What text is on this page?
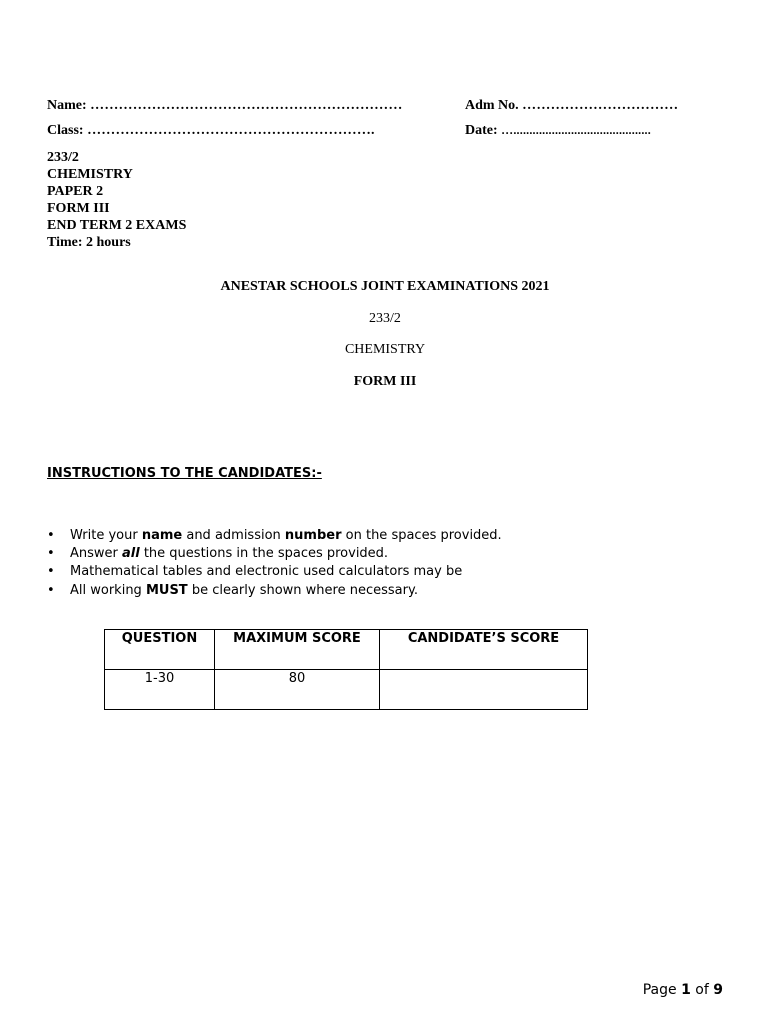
Name: …………………………………………………………	Adm No. ……………………………
Class: …………………………………………………….	Date: …...........................................
233/2
CHEMISTRY
PAPER 2
FORM III
END TERM 2 EXAMS
Time: 2 hours
ANESTAR SCHOOLS JOINT EXAMINATIONS 2021
233/2
CHEMISTRY
FORM III
INSTRUCTIONS TO THE CANDIDATES:-
•	Write your name and admission number on the spaces provided.
•	Answer all the questions in the spaces provided.
•	Mathematical tables and electronic used calculators may be
•	All working MUST be clearly shown where necessary.
QUESTION	MAXIMUM SCORE	CANDIDATE’S SCORE
1-30	80	
Page 1 of 9
